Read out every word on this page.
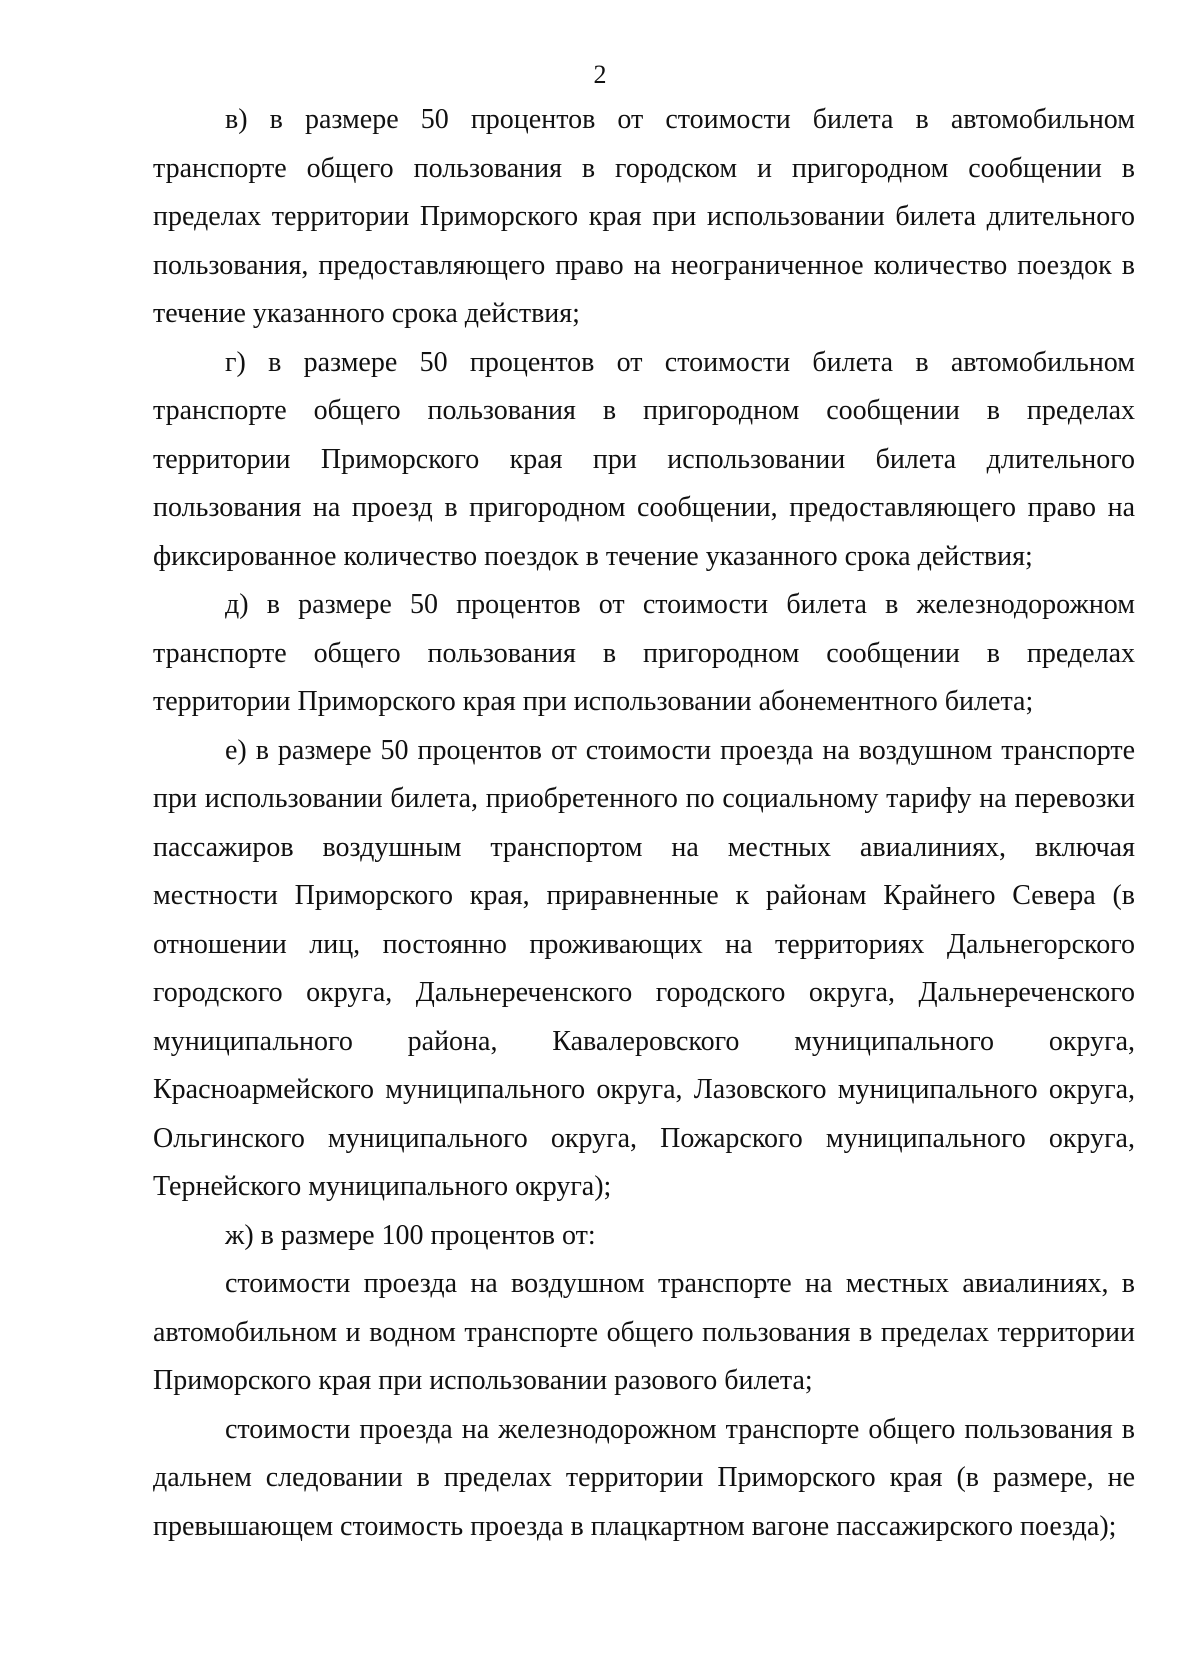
2

в) в размере 50 процентов от стоимости билета в автомобильном транспорте общего пользования в городском и пригородном сообщении в пределах территории Приморского края при использовании билета длительного пользования, предоставляющего право на неограниченное количество поездок в течение указанного срока действия;

г) в размере 50 процентов от стоимости билета в автомобильном транспорте общего пользования в пригородном сообщении в пределах территории Приморского края при использовании билета длительного пользования на проезд в пригородном сообщении, предоставляющего право на фиксированное количество поездок в течение указанного срока действия;

д) в размере 50 процентов от стоимости билета в железнодорожном транспорте общего пользования в пригородном сообщении в пределах территории Приморского края при использовании абонементного билета;

е) в размере 50 процентов от стоимости проезда на воздушном транспорте при использовании билета, приобретенного по социальному тарифу на перевозки пассажиров воздушным транспортом на местных авиалиниях, включая местности Приморского края, приравненные к районам Крайнего Севера (в отношении лиц, постоянно проживающих на территориях Дальнегорского городского округа, Дальнереченского городского округа, Дальнереченского муниципального района, Кавалеровского муниципального округа, Красноармейского муниципального округа, Лазовского муниципального округа, Ольгинского муниципального округа, Пожарского муниципального округа, Тернейского муниципального округа);

ж) в размере 100 процентов от:

стоимости проезда на воздушном транспорте на местных авиалиниях, в автомобильном и водном транспорте общего пользования в пределах территории Приморского края при использовании разового билета;

стоимости проезда на железнодорожном транспорте общего пользования в дальнем следовании в пределах территории Приморского края (в размере, не превышающем стоимость проезда в плацкартном вагоне пассажирского поезда);
